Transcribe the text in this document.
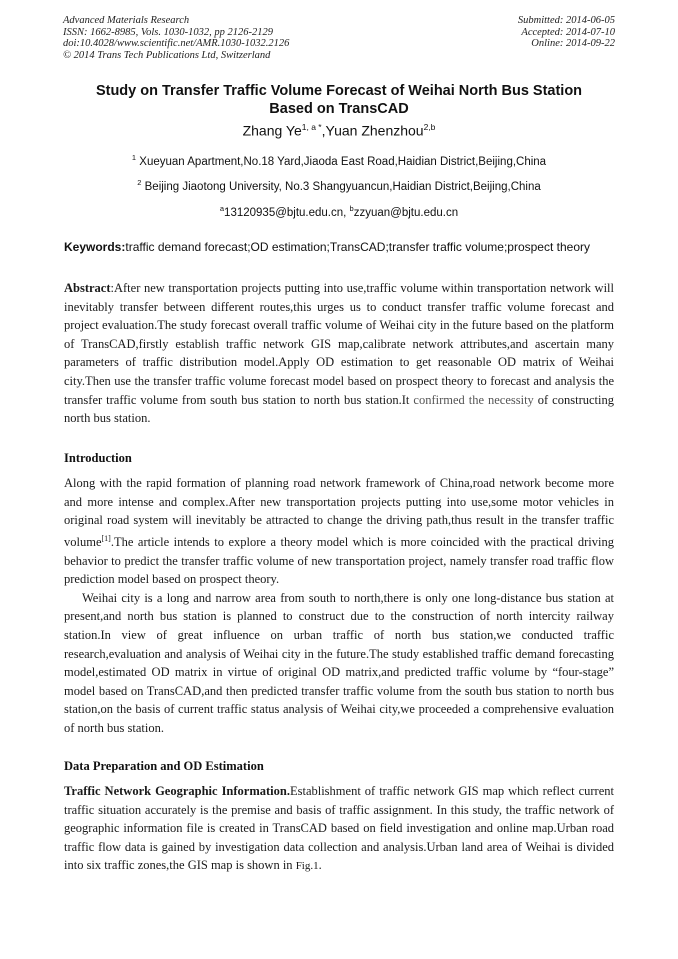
Advanced Materials Research
ISSN: 1662-8985, Vols. 1030-1032, pp 2126-2129
doi:10.4028/www.scientific.net/AMR.1030-1032.2126
© 2014 Trans Tech Publications Ltd, Switzerland
Submitted: 2014-06-05
Accepted: 2014-07-10
Online: 2014-09-22
Study on Transfer Traffic Volume Forecast of Weihai North Bus Station
Based on TransCAD
Zhang $Ye^{1, a *},Yuan$ Zhenzhou$^{2,b}$
$^1$ Xueyuan Apartment,No.18 Yard,Jiaoda East Road,Haidian District,Beijing,China
$^2$ Beijing Jiaotong University, No.3 Shangyuancun,Haidian District,Beijing,China
$^a$13120935@bjtu.edu.cn, $^b$zzyuan@bjtu.edu.cn
Keywords:traffic demand forecast;OD estimation;TransCAD;transfer traffic volume;prospect theory

Abstract:After new transportation projects putting into use,traffic volume within transportation network will inevitably transfer between different routes,this urges us to conduct transfer traffic volume forecast and project evaluation.The study forecast overall traffic volume of Weihai city in the future based on the platform of TransCAD,firstly establish traffic network GIS map,calibrate network attributes,and ascertain many parameters of traffic distribution model.Apply OD estimation to get reasonable OD matrix of Weihai city.Then use the transfer traffic volume forecast model based on prospect theory to forecast and analysis the transfer traffic volume from south bus station to north bus station.It confirmed the necessity of constructing north bus station.

Introduction

Along with the rapid formation of planning road network framework of China,road network become more and more intense and complex.After new transportation projects putting into use,some motor vehicles in original road system will inevitably be attracted to change the driving path,thus result in the transfer traffic volume[1].The article intends to explore a theory model which is more coincided with the practical driving behavior to predict the transfer traffic volume of new transportation project, namely transfer road traffic flow prediction model based on prospect theory.

Weihai city is a long and narrow area from south to north,there is only one long-distance bus station at present,and north bus station is planned to construct due to the construction of north intercity railway station.In view of great influence on urban traffic of north bus station,we conducted traffic research,evaluation and analysis of Weihai city in the future.The study established traffic demand forecasting model,estimated OD matrix in virtue of original OD matrix,and predicted traffic volume by “four-stage” model based on TransCAD,and then predicted transfer traffic volume from the south bus station to north bus station,on the basis of current traffic status analysis of Weihai city,we proceeded a comprehensive evaluation of north bus station.

Data Preparation and OD Estimation

Traffic Network Geographic Information.Establishment of traffic network GIS map which reflect current traffic situation accurately is the premise and basis of traffic assignment. In this study, the traffic network of geographic information file is created in TransCAD based on field investigation and online map.Urban road traffic flow data is gained by investigation data collection and analysis.Urban land area of Weihai is divided into six traffic zones,the GIS map is shown in Fig.1.
